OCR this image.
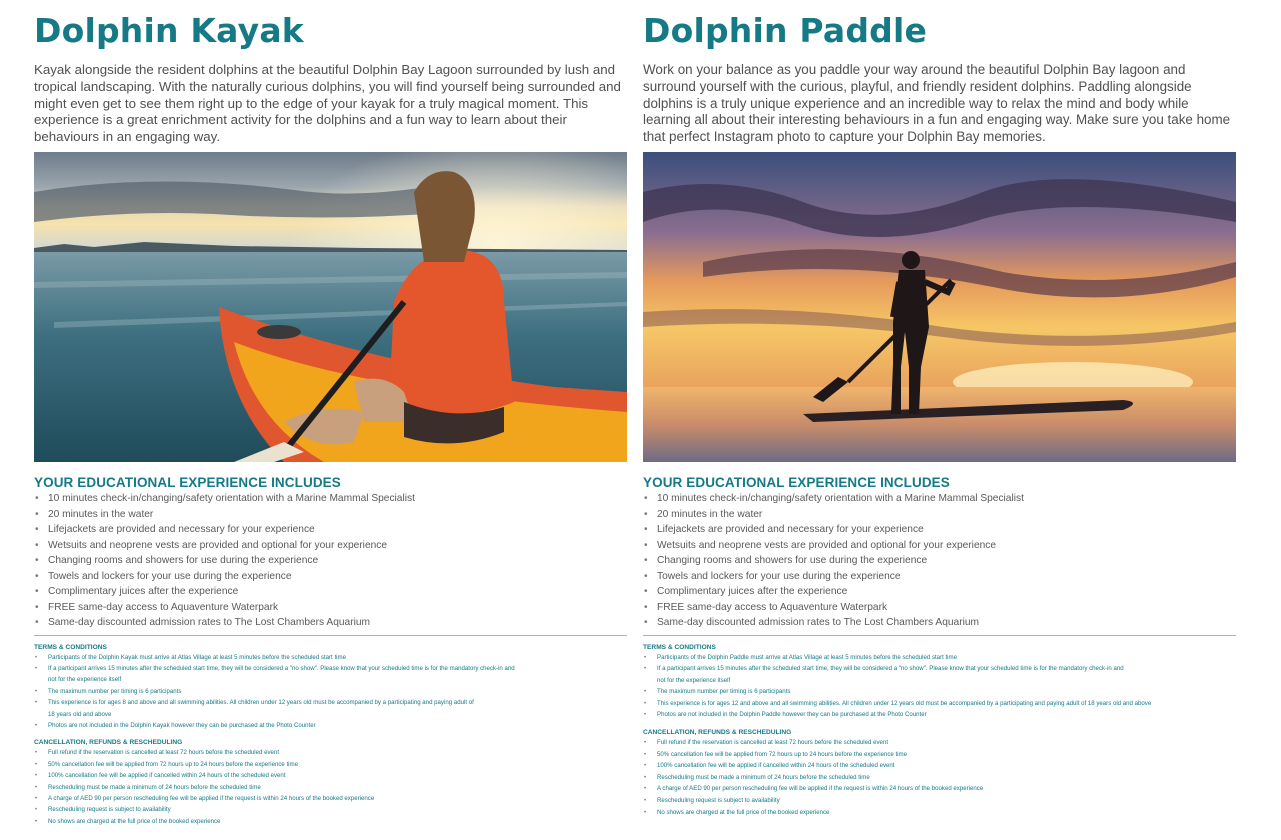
Dolphin Kayak

Kayak alongside the resident dolphins at the beautiful Dolphin Bay Lagoon surrounded by lush and tropical landscaping. With the naturally curious dolphins, you will find yourself being surrounded and might even get to see them right up to the edge of your kayak for a truly magical moment. This experience is a great enrichment activity for the dolphins and a fun way to learn about their behaviours in an engaging way.

YOUR EDUCATIONAL EXPERIENCE INCLUDES
• 10 minutes check-in/changing/safety orientation with a Marine Mammal Specialist
• 20 minutes in the water
• Lifejackets are provided and necessary for your experience
• Wetsuits and neoprene vests are provided and optional for your experience
• Changing rooms and showers for use during the experience
• Towels and lockers for your use during the experience
• Complimentary juices after the experience
• FREE same-day access to Aquaventure Waterpark
• Same-day discounted admission rates to The Lost Chambers Aquarium
TERMS & CONDITIONS
• Participants of the Dolphin Kayak must arrive at Atlas Village at least 5 minutes before the scheduled start time
• If a participant arrives 15 minutes after the scheduled start time, they will be considered a "no show". Please know that your scheduled time is for the mandatory check-in and
not for the experience itself
• The maximum number per timing is 6 participants
• This experience is for ages 8 and above and all swimming abilities. All children under 12 years old must be accompanied by a participating and paying adult of
18 years old and above
• Photos are not included in the Dolphin Kayak however they can be purchased at the Photo Counter
CANCELLATION, REFUNDS & RESCHEDULING
• Full refund if the reservation is cancelled at least 72 hours before the scheduled event
• 50% cancellation fee will be applied from 72 hours up to 24 hours before the experience time
• 100% cancellation fee will be applied if cancelled within 24 hours of the scheduled event
• Rescheduling must be made a minimum of 24 hours before the scheduled time
• A charge of AED 90 per person rescheduling fee will be applied if the request is within 24 hours of the booked experience
• Rescheduling request is subject to availability
• No shows are charged at the full price of the booked experience
Dolphin Paddle

Work on your balance as you paddle your way around the beautiful Dolphin Bay lagoon and surround yourself with the curious, playful, and friendly resident dolphins. Paddling alongside dolphins is a truly unique experience and an incredible way to relax the mind and body while learning all about their interesting behaviours in a fun and engaging way. Make sure you take home that perfect Instagram photo to capture your Dolphin Bay memories.

YOUR EDUCATIONAL EXPERIENCE INCLUDES
• 10 minutes check-in/changing/safety orientation with a Marine Mammal Specialist
• 20 minutes in the water
• Lifejackets are provided and necessary for your experience
• Wetsuits and neoprene vests are provided and optional for your experience
• Changing rooms and showers for use during the experience
• Towels and lockers for your use during the experience
• Complimentary juices after the experience
• FREE same-day access to Aquaventure Waterpark
• Same-day discounted admission rates to The Lost Chambers Aquarium
TERMS & CONDITIONS
• Participants of the Dolphin Paddle must arrive at Atlas Village at least 5 minutes before the scheduled start time
• If a participant arrives 15 minutes after the scheduled start time, they will be considered a "no show". Please know that your scheduled time is for the mandatory check-in and
not for the experience itself
• The maximum number per timing is 6 participants
• This experience is for ages 12 and above and all swimming abilities. All children under 12 years old must be accompanied by a participating and paying adult of 18 years old and above
• Photos are not included in the Dolphin Paddle however they can be purchased at the Photo Counter
CANCELLATION, REFUNDS & RESCHEDULING
• Full refund if the reservation is cancelled at least 72 hours before the scheduled event
• 50% cancellation fee will be applied from 72 hours up to 24 hours before the experience time
• 100% cancellation fee will be applied if cancelled within 24 hours of the scheduled event
• Rescheduling must be made a minimum of 24 hours before the scheduled time
• A charge of AED 90 per person rescheduling fee will be applied if the request is within 24 hours of the booked experience
• Rescheduling request is subject to availability
• No shows are charged at the full price of the booked experience
